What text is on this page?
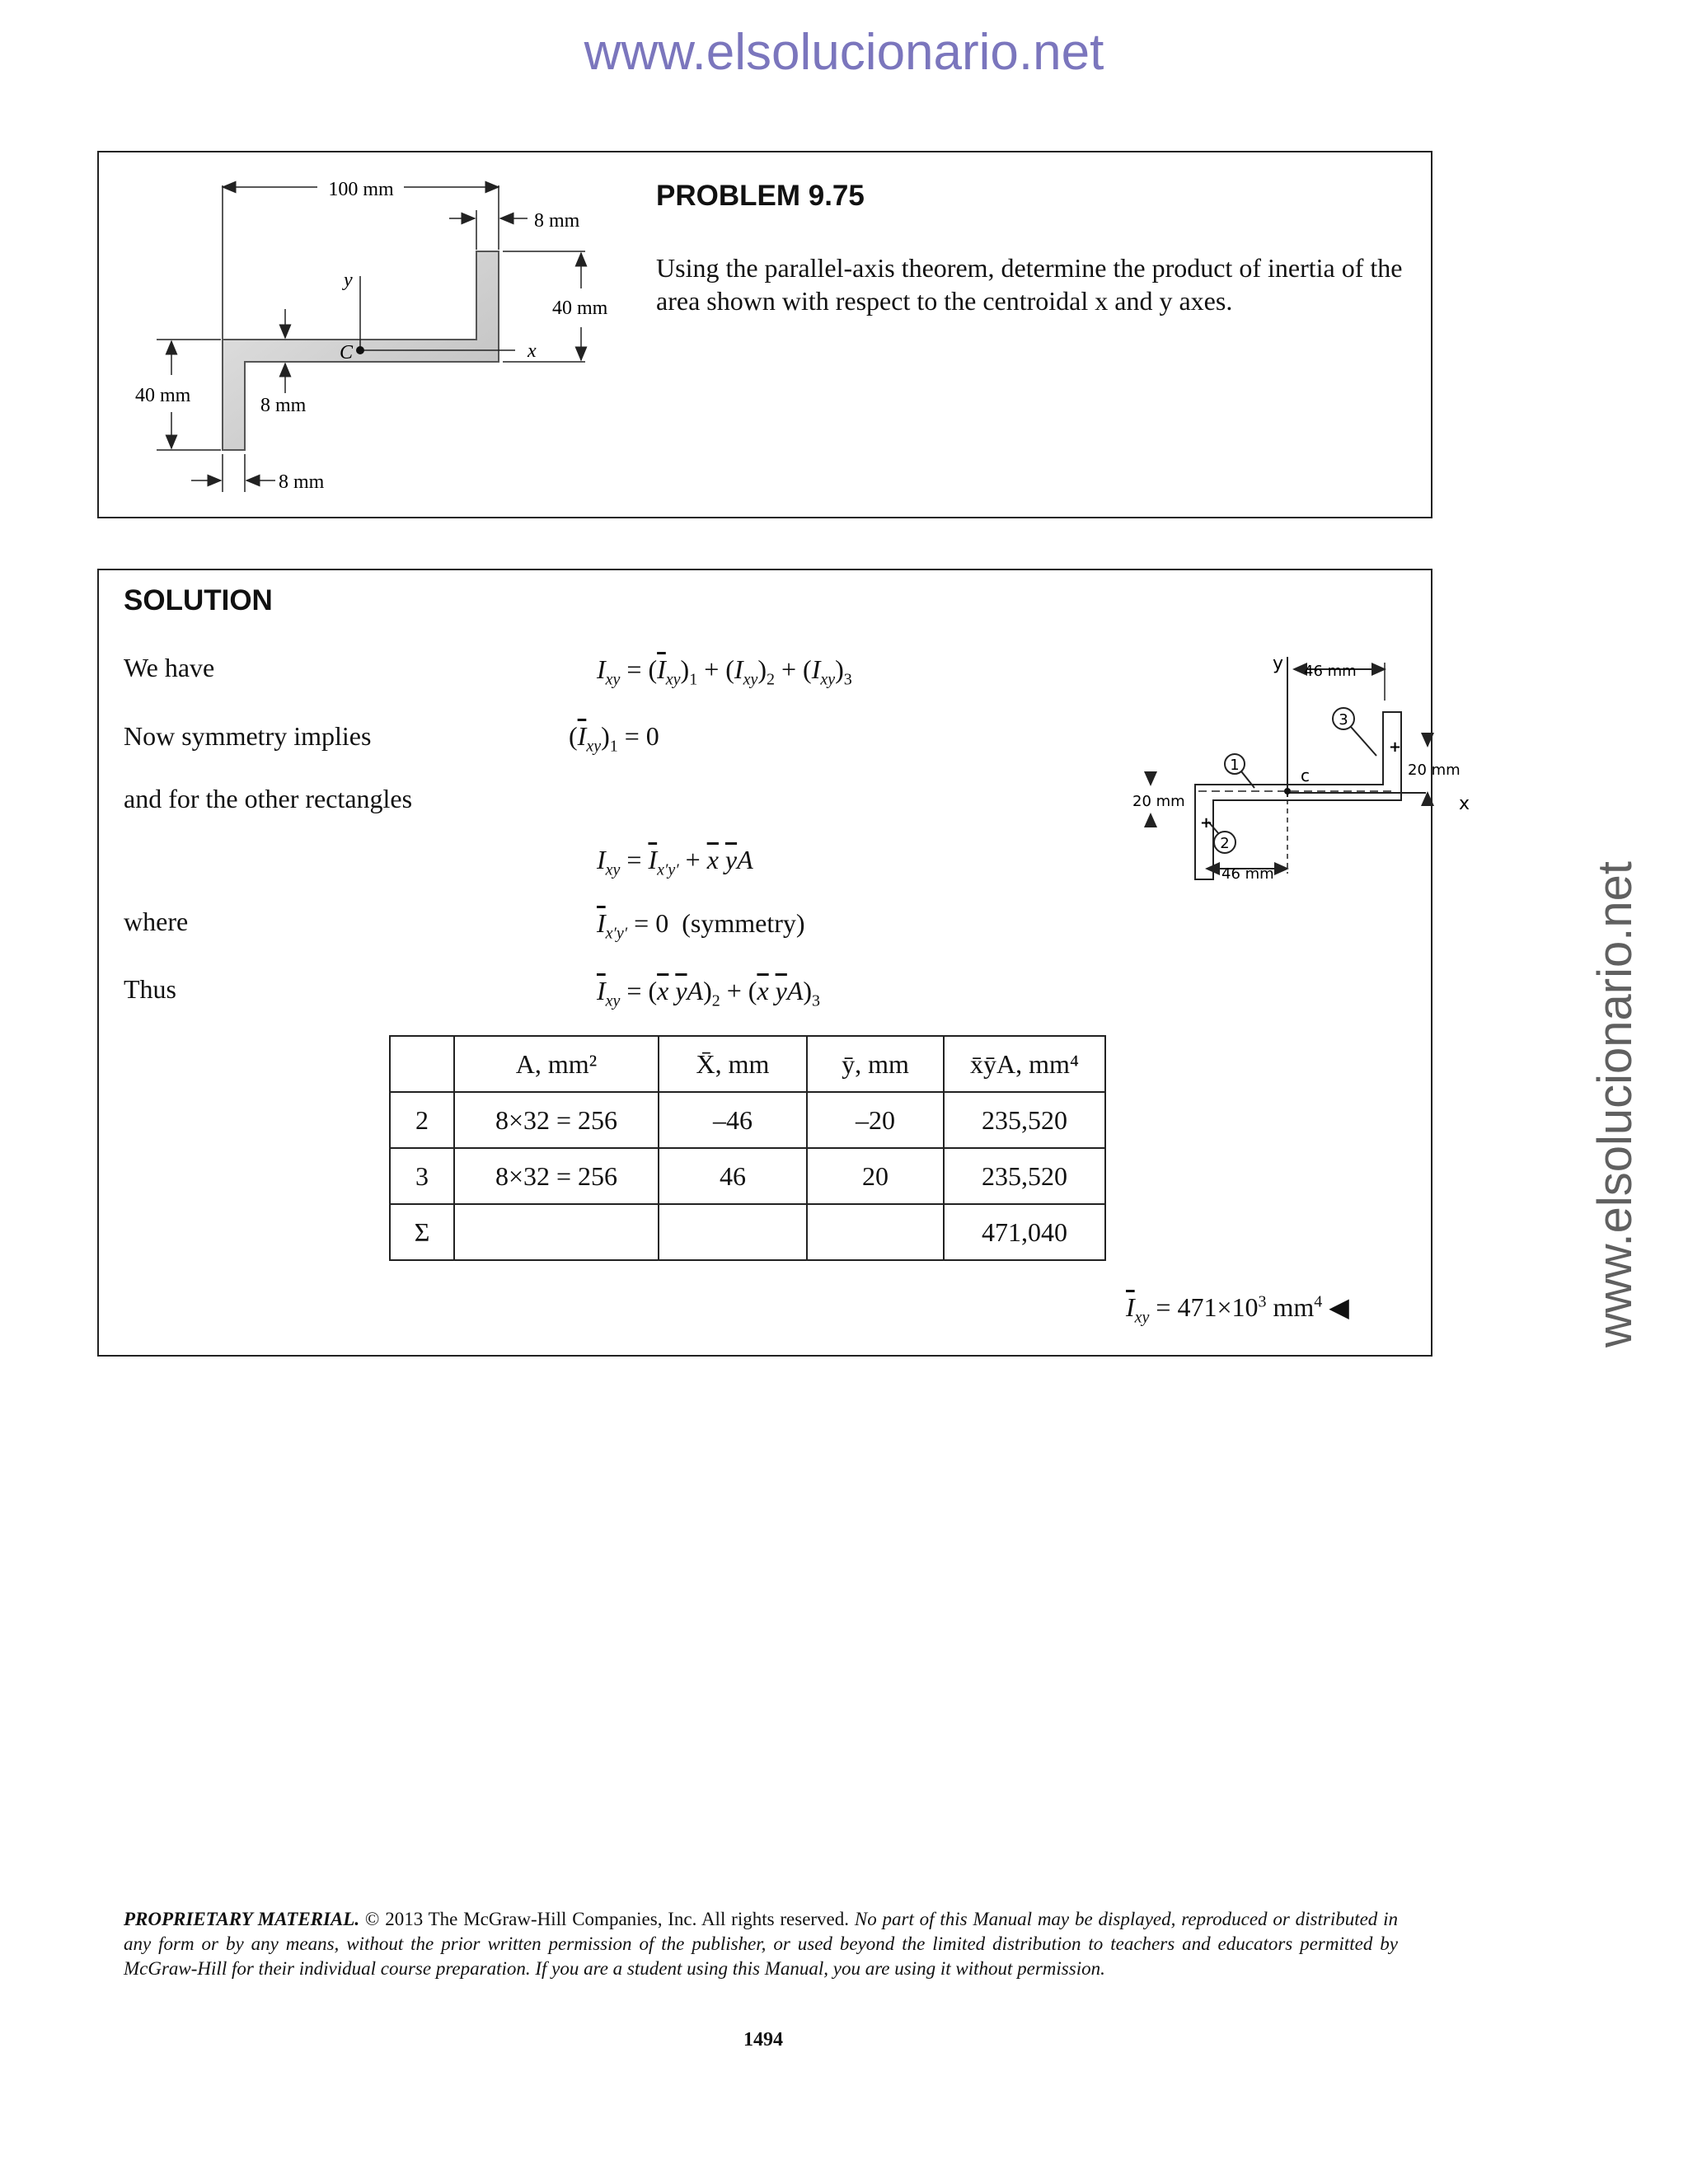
www.elsolucionario.net
www.elsolucionario.net
100 mm
8 mm
40 mm
40 mm	8 mm
8 mm
y
x
C
PROBLEM 9.75
Using the parallel-axis theorem, determine the product of inertia of the area shown with respect to the centroidal x and y axes.
SOLUTION
We have
Now symmetry implies
and for the other rectangles
where
Thus
$I_{xy} = (\overline{I}_{xy})_1 + (I_{xy})_2 + (I_{xy})_3$
$(\overline{I}_{xy})_1 = 0$
$I_{xy} = \overline{I}_{x'y'} + \overline{x}$ $\overline{y}A$
$\overline{I}_{x'y'} = 0$  (symmetry)
$\overline{I}_{xy} = (\overline{x}$ $\overline{y}A)_2 + (\overline{x}$ $\overline{y}A)_3$
y
x
c
46 mm
46 mm
20 mm
20 mm
1
3
2
+
+
$\overline{I}_{xy} = 471\times 10^3$ $mm^4$ ◀
	A, mm²	X̄, mm	ȳ, mm	x̄ȳA, mm⁴
2	8×32 = 256	–46	–20	235,520
3	8×32 = 256	46	20	235,520
Σ				471,040
PROPRIETARY MATERIAL. © 2013 The McGraw-Hill Companies, Inc. All rights reserved. No part of this Manual may be displayed, reproduced or distributed in any form or by any means, without the prior written permission of the publisher, or used beyond the limited distribution to teachers and educators permitted by McGraw-Hill for their individual course preparation. If you are a student using this Manual, you are using it without permission.
1494
